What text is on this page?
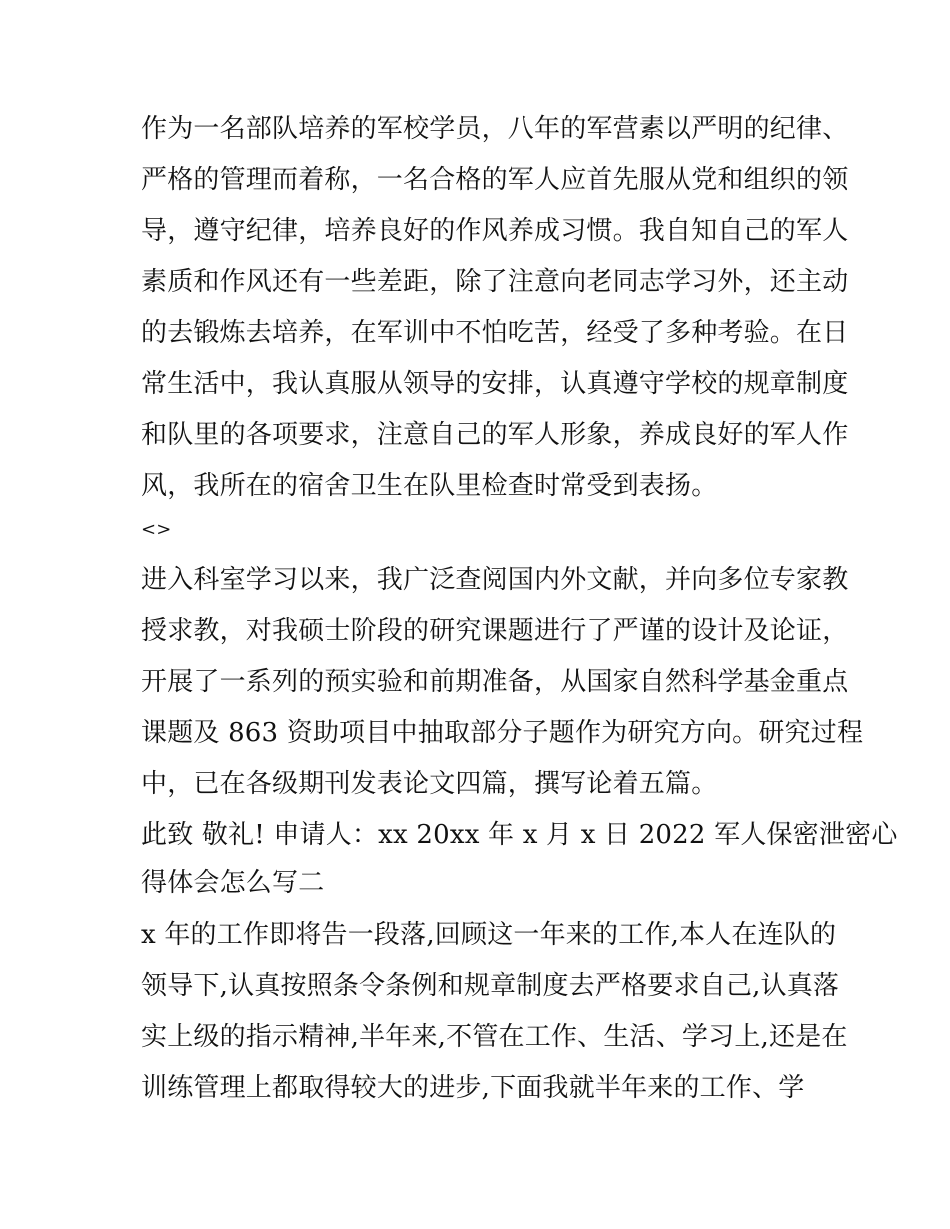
作为一名部队培养的军校学员，八年的军营素以严明的纪律、
严格的管理而着称，一名合格的军人应首先服从党和组织的领
导，遵守纪律，培养良好的作风养成习惯。我自知自己的军人
素质和作风还有一些差距，除了注意向老同志学习外，还主动
的去锻炼去培养，在军训中不怕吃苦，经受了多种考验。在日
常生活中，我认真服从领导的安排，认真遵守学校的规章制度
和队里的各项要求，注意自己的军人形象，养成良好的军人作
风，我所在的宿舍卫生在队里检查时常受到表扬。
<>
进入科室学习以来，我广泛查阅国内外文献，并向多位专家教
授求教，对我硕士阶段的研究课题进行了严谨的设计及论证，
开展了一系列的预实验和前期准备，从国家自然科学基金重点
课题及 863 资助项目中抽取部分子题作为研究方向。研究过程
中，已在各级期刊发表论文四篇，撰写论着五篇。
此致 敬礼! 申请人：xx 20xx 年 x 月 x 日 2022 军人保密泄密心
得体会怎么写二
x 年的工作即将告一段落,回顾这一年来的工作,本人在连队的
领导下,认真按照条令条例和规章制度去严格要求自己,认真落
实上级的指示精神,半年来,不管在工作、生活、学习上,还是在
训练管理上都取得较大的进步,下面我就半年来的工作、学
